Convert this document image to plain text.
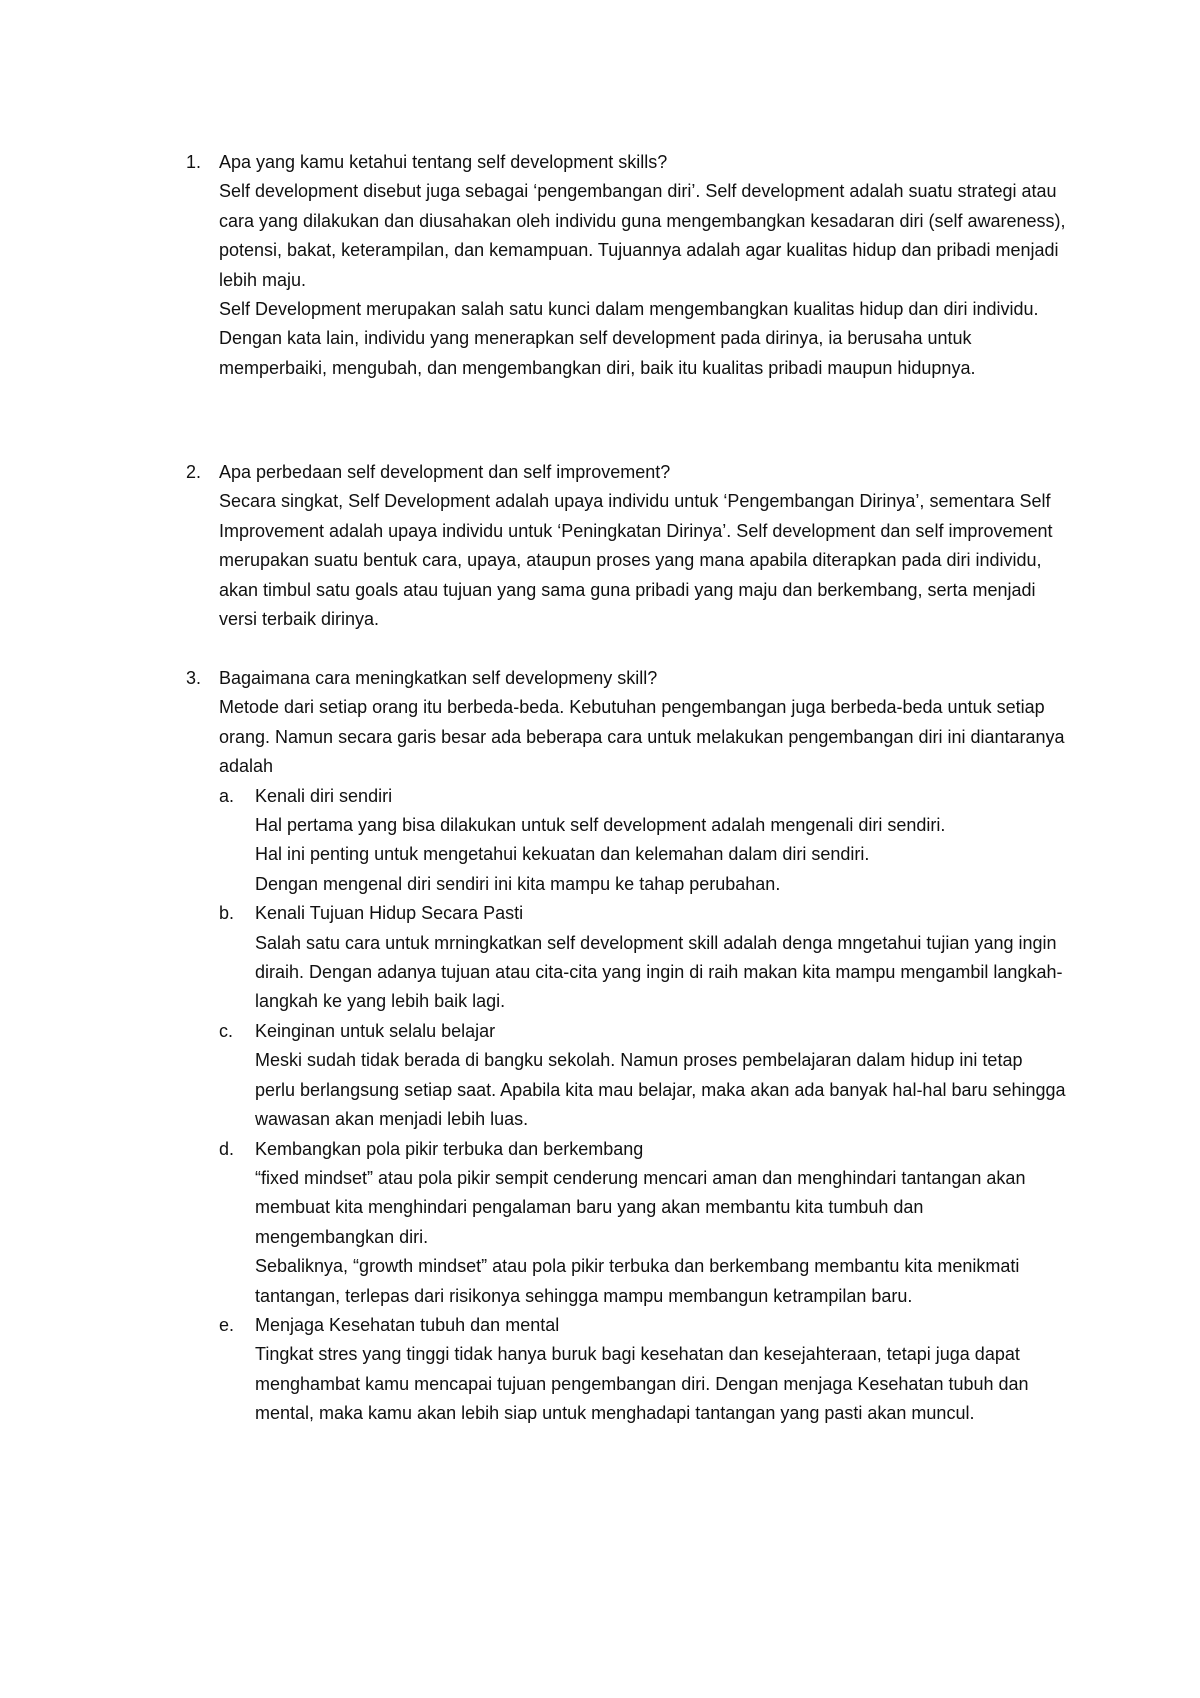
1. Apa yang kamu ketahui tentang self development skills?

Self development disebut juga sebagai ‘pengembangan diri’. Self development adalah suatu strategi atau cara yang dilakukan dan diusahakan oleh individu guna mengembangkan kesadaran diri (self awareness), potensi, bakat, keterampilan, dan kemampuan. Tujuannya adalah agar kualitas hidup dan pribadi menjadi lebih maju.

Self Development merupakan salah satu kunci dalam mengembangkan kualitas hidup dan diri individu. Dengan kata lain, individu yang menerapkan self development pada dirinya, ia berusaha untuk memperbaiki, mengubah, dan mengembangkan diri, baik itu kualitas pribadi maupun hidupnya.

2. Apa perbedaan self development dan self improvement?

Secara singkat, Self Development adalah upaya individu untuk ‘Pengembangan Dirinya’, sementara Self Improvement adalah upaya individu untuk ‘Peningkatan Dirinya’. Self development dan self improvement merupakan suatu bentuk cara, upaya, ataupun proses yang mana apabila diterapkan pada diri individu, akan timbul satu goals atau tujuan yang sama guna pribadi yang maju dan berkembang, serta menjadi versi terbaik dirinya.

3. Bagaimana cara meningkatkan self developmeny skill?

Metode dari setiap orang itu berbeda-beda. Kebutuhan pengembangan juga berbeda-beda untuk setiap orang. Namun secara garis besar ada beberapa cara untuk melakukan pengembangan diri ini diantaranya adalah

a. Kenali diri sendiri

Hal pertama yang bisa dilakukan untuk self development adalah mengenali diri sendiri.

Hal ini penting untuk mengetahui kekuatan dan kelemahan dalam diri sendiri.

Dengan mengenal diri sendiri ini kita mampu ke tahap perubahan.

b. Kenali Tujuan Hidup Secara Pasti

Salah satu cara untuk mrningkatkan self development skill adalah denga mngetahui tujian yang ingin diraih. Dengan adanya tujuan atau cita-cita yang ingin di raih makan kita mampu mengambil langkah-langkah ke yang lebih baik lagi.

c. Keinginan untuk selalu belajar

Meski sudah tidak berada di bangku sekolah. Namun proses pembelajaran dalam hidup ini tetap perlu berlangsung setiap saat. Apabila kita mau belajar, maka akan ada banyak hal-hal baru sehingga wawasan akan menjadi lebih luas.

d. Kembangkan pola pikir terbuka dan berkembang

“fixed mindset” atau pola pikir sempit cenderung mencari aman dan menghindari tantangan akan membuat kita menghindari pengalaman baru yang akan membantu kita tumbuh dan mengembangkan diri.

Sebaliknya, “growth mindset” atau pola pikir terbuka dan berkembang membantu kita menikmati tantangan, terlepas dari risikonya sehingga mampu membangun ketrampilan baru.

e. Menjaga Kesehatan tubuh dan mental

Tingkat stres yang tinggi tidak hanya buruk bagi kesehatan dan kesejahteraan, tetapi juga dapat menghambat kamu mencapai tujuan pengembangan diri. Dengan menjaga Kesehatan tubuh dan mental, maka kamu akan lebih siap untuk menghadapi tantangan yang pasti akan muncul.
